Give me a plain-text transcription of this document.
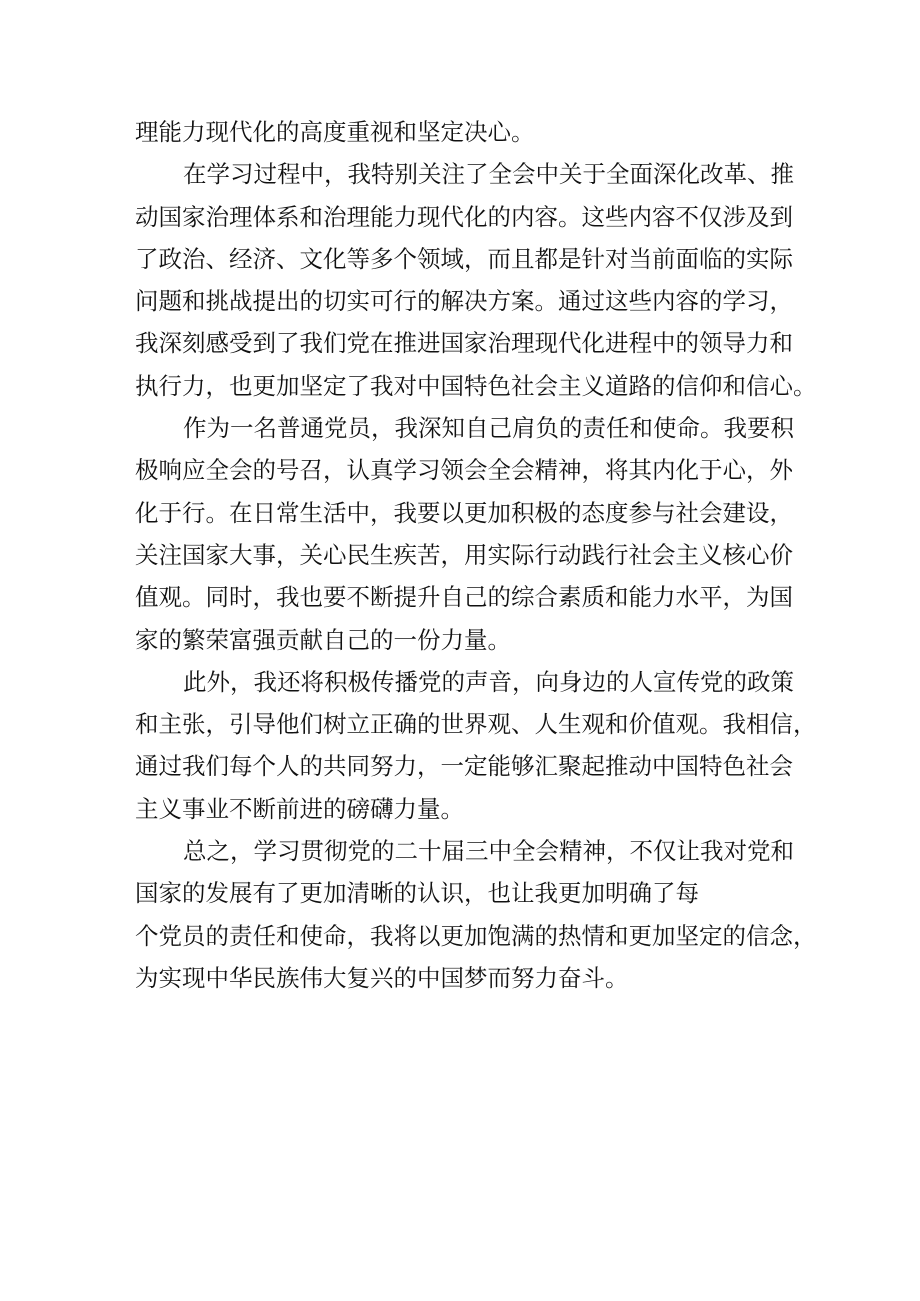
理能力现代化的高度重视和坚定决心。
在学习过程中，我特别关注了全会中关于全面深化改革、推
动国家治理体系和治理能力现代化的内容。这些内容不仅涉及到
了政治、经济、文化等多个领域，而且都是针对当前面临的实际
问题和挑战提出的切实可行的解决方案。通过这些内容的学习，
我深刻感受到了我们党在推进国家治理现代化进程中的领导力和
执行力，也更加坚定了我对中国特色社会主义道路的信仰和信心。
作为一名普通党员，我深知自己肩负的责任和使命。我要积
极响应全会的号召，认真学习领会全会精神，将其内化于心，外
化于行。在日常生活中，我要以更加积极的态度参与社会建设，
关注国家大事，关心民生疾苦，用实际行动践行社会主义核心价
值观。同时，我也要不断提升自己的综合素质和能力水平，为国
家的繁荣富强贡献自己的一份力量。
此外，我还将积极传播党的声音，向身边的人宣传党的政策
和主张，引导他们树立正确的世界观、人生观和价值观。我相信，
通过我们每个人的共同努力，一定能够汇聚起推动中国特色社会
主义事业不断前进的磅礴力量。
总之，学习贯彻党的二十届三中全会精神，不仅让我对党和
国家的发展有了更加清晰的认识，也让我更加明确了每
个党员的责任和使命，我将以更加饱满的热情和更加坚定的信念，
为实现中华民族伟大复兴的中国梦而努力奋斗。
